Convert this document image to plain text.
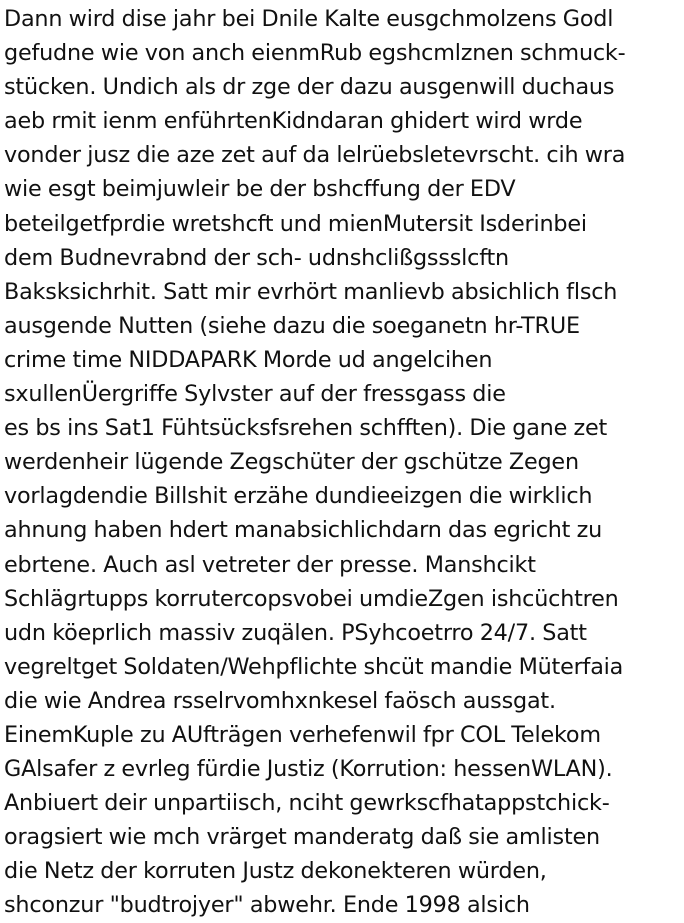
Dann wird dise jahr bei Dnile Kalte eusgchmolzens Godl
gefudne wie von anch eienmRub egshcmlznen schmuck-
stücken. Undich als dr zge der dazu ausgenwill duchaus
aeb rmit ienm enführtenKidndaran ghidert wird wrde
vonder jusz die aze zet auf da lelrüebsletevrscht. cih wra
wie esgt beimjuwleir be der bshcffung der EDV
beteilgetfprdie wretshcft und mienMutersit Isderinbei
dem Budnevrabnd der sch- udnshclißgssslcftn
Baksksichrhit. Satt mir evrhört manlievb absichlich flsch
ausgende Nutten (siehe dazu die soeganetn hr-TRUE
crime time NIDDAPARK Morde ud angelcihen
sxullenÜergriffe Sylvster auf der fressgass die
es bs ins Sat1 Fühtsücksfsrehen schfften). Die gane zet
werdenheir lügende Zegschüter der gschütze Zegen
vorlagdendie Billshit erzähe dundieeizgen die wirklich
ahnung haben hdert manabsichlichdarn das egricht zu
ebrtene. Auch asl vetreter der presse. Manshcikt
Schlägrtupps korrutercopsvobei umdieZgen ishcüchtren
udn köeprlich massiv zuqälen. PSyhcoetrro 24/7. Satt
vegreltget Soldaten/Wehpflichte shcüt mandie Müterfaia
die wie Andrea rsselrvomhxnkesel faösch aussgat.
EinemKuple zu AUfträgen verhefenwil fpr COL Telekom
GAlsafer z evrleg fürdie Justiz (Korrution: hessenWLAN).
Anbiuert deir unpartiisch, nciht gewrkscfhatappstchick-
oragsiert wie mch vrärget manderatg daß sie amlisten
die Netz der korruten Justz dekonekteren würden,
shconzur "budtrojyer" abwehr. Ende 1998 alsich
